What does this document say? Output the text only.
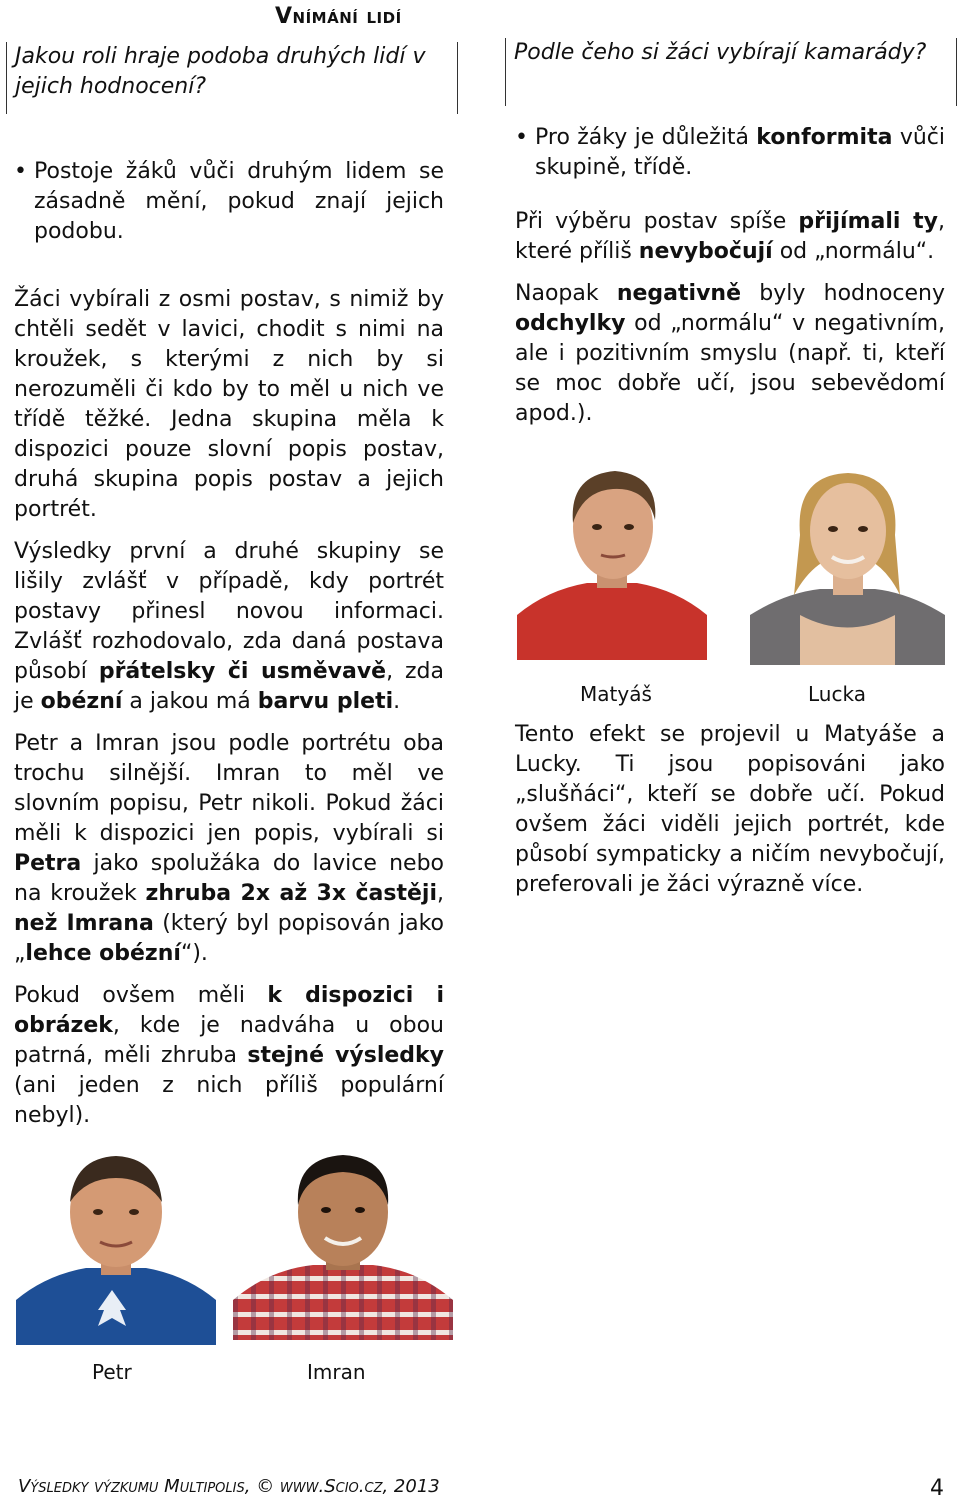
Vnímání lidí
Jakou roli hraje podoba druhých lidí v jejich hodnocení?

• Postoje žáků vůči druhým lidem se zásadně mění, pokud znají jejich podobu.

Žáci vybírali z osmi postav, s nimiž by chtěli sedět v lavici, chodit s nimi na kroužek, s kterými z nich by si nerozuměli či kdo by to měl u nich ve třídě těžké. Jedna skupina měla k dispozici pouze slovní popis postav, druhá skupina popis postav a jejich portrét.

Výsledky první a druhé skupiny se lišily zvlášť v případě, kdy portrét postavy přinesl novou informaci. Zvlášť rozhodovalo, zda daná postava působí přátelsky či usměvavě, zda je obézní a jakou má barvu pleti.

Petr a Imran jsou podle portrétu oba trochu silnější. Imran to měl ve slovním popisu, Petr nikoli. Pokud žáci měli k dispozici jen popis, vybírali si Petra jako spolužáka do lavice nebo na kroužek zhruba 2x až 3x častěji, než Imrana (který byl popisován jako „lehce obézní“).

Pokud ovšem měli k dispozici i obrázek, kde je nadváha u obou patrná, měli zhruba stejné výsledky (ani jeden z nich příliš populární nebyl).

Petr	Imran
Podle čeho si žáci vybírají kamarády?

• Pro žáky je důležitá konformita vůči skupině, třídě.

Při výběru postav spíše přijímali ty, které příliš nevybočují od „normálu“.

Naopak negativně byly hodnoceny odchylky od „normálu“ v negativním, ale i pozitivním smyslu (např. ti, kteří se moc dobře učí, jsou sebevědomí apod.).

Matyáš	Lucka

Tento efekt se projevil u Matyáše a Lucky. Ti jsou popisováni jako „slušňáci“, kteří se dobře učí. Pokud ovšem žáci viděli jejich portrét, kde působí sympaticky a ničím nevybočují, preferovali je žáci výrazně více.

Výsledky výzkumu Multipolis, © www.Scio.cz, 2013	4
